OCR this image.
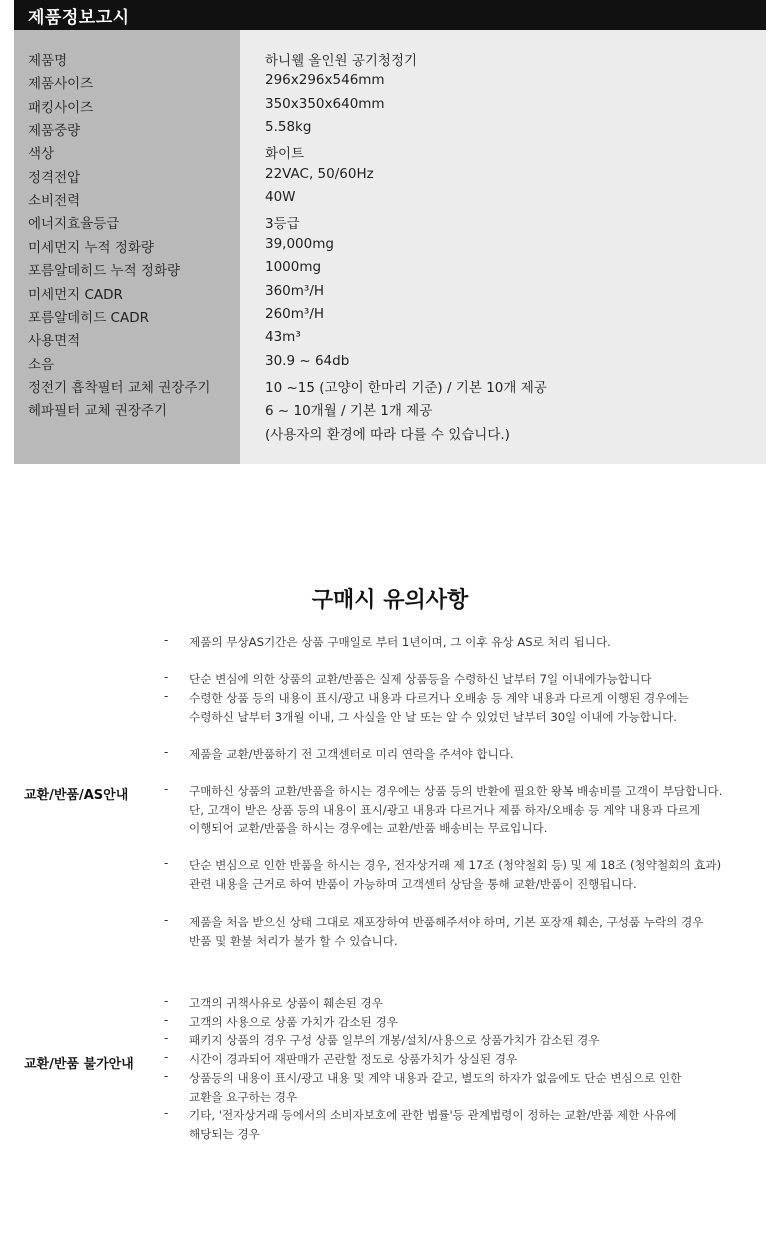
제품정보고시
제품명	하니웰 올인원 공기청정기
제품사이즈	296x296x546mm
패킹사이즈	350x350x640mm
제품중량	5.58kg
색상	화이트
정격전압	22VAC, 50/60Hz
소비전력	40W
에너지효율등급	3등급
미세먼지 누적 정화량	39,000mg
포름알데히드 누적 정화량	1000mg
미세먼지 CADR	360m³/H
포름알데히드 CADR	260m³/H
사용면적	43m³
소음	30.9 ~ 64db
정전기 흡착필터 교체 권장주기	10 ~15 (고양이 한마리 기준) / 기본 10개 제공
헤파필터 교체 권장주기	6 ~ 10개월 / 기본 1개 제공
(사용자의 환경에 따라 다를 수 있습니다.)
구매시 유의사항
교환/반품/AS안내
교환/반품 불가안내
- 제품의 무상AS기간은 상품 구매일로 부터 1년이며, 그 이후 유상 AS로 처리 됩니다.
- 단순 변심에 의한 상품의 교환/반품은 실제 상품등을 수령하신 날부터 7일 이내에가능합니다
- 수령한 상품 등의 내용이 표시/광고 내용과 다르거나 오배송 등 계약 내용과 다르게 이행된 경우에는
수령하신 날부터 3개월 이내, 그 사실을 안 날 또는 알 수 있었던 날부터 30일 이내에 가능합니다.
- 제품을 교환/반품하기 전 고객센터로 미리 연락을 주셔야 합니다.
- 구매하신 상품의 교환/반품을 하시는 경우에는 상품 등의 반환에 필요한 왕복 배송비를 고객이 부담합니다.
단, 고객이 받은 상품 등의 내용이 표시/광고 내용과 다르거나 제품 하자/오배송 등 계약 내용과 다르게
이행되어 교환/반품을 하시는 경우에는 교환/반품 배송비는 무료입니다.
- 단순 변심으로 인한 반품을 하시는 경우, 전자상거래 제 17조 (청약철회 등) 및 제 18조 (청약철회의 효과)
관련 내용을 근거로 하여 반품이 가능하며 고객센터 상담을 통해 교환/반품이 진행됩니다.
- 제품을 처음 받으신 상태 그대로 재포장하여 반품해주셔야 하며, 기본 포장재 훼손, 구성품 누락의 경우
반품 및 환불 처리가 불가 할 수 있습니다.
- 고객의 귀책사유로 상품이 훼손된 경우
- 고객의 사용으로 상품 가치가 감소된 경우
- 패키지 상품의 경우 구성 상품 일부의 개봉/설치/사용으로 상품가치가 감소된 경우
- 시간이 경과되어 재판매가 곤란할 정도로 상품가치가 상실된 경우
- 상품등의 내용이 표시/광고 내용 및 계약 내용과 같고, 별도의 하자가 없음에도 단순 변심으로 인한
교환을 요구하는 경우
- 기타, '전자상거래 등에서의 소비자보호에 관한 법률'등 관계법령이 정하는 교환/반품 제한 사유에
해당되는 경우
